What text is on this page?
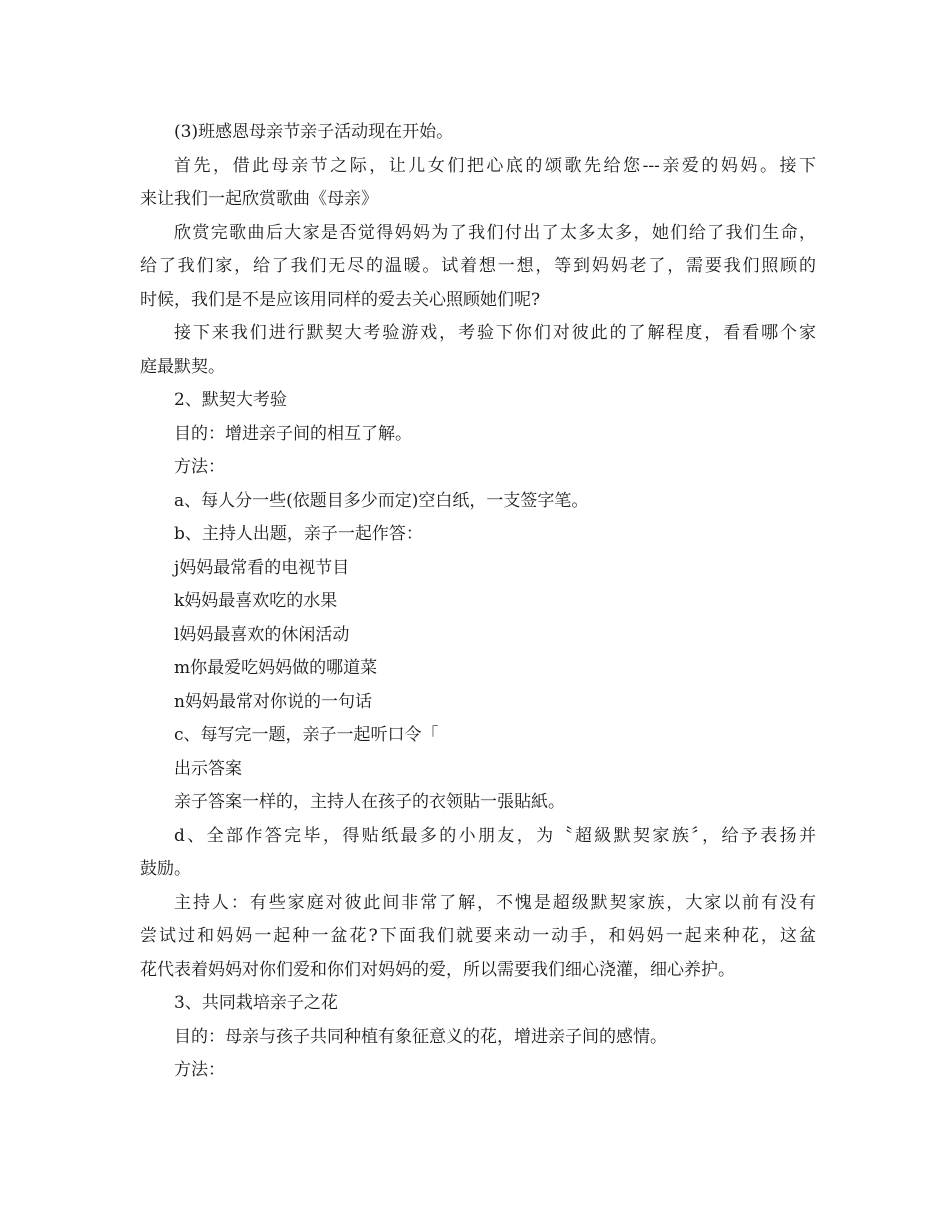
(3)班感恩母亲节亲子活动现在开始。
首先，借此母亲节之际，让儿女们把心底的颂歌先给您---亲爱的妈妈。接下
来让我们一起欣赏歌曲《母亲》
欣赏完歌曲后大家是否觉得妈妈为了我们付出了太多太多，她们给了我们生命，
给了我们家，给了我们无尽的温暖。试着想一想，等到妈妈老了，需要我们照顾的
时候，我们是不是应该用同样的爱去关心照顾她们呢?
接下来我们进行默契大考验游戏，考验下你们对彼此的了解程度，看看哪个家
庭最默契。
2、默契大考验
目的：增进亲子间的相互了解。
方法：
a、每人分一些(依题目多少而定)空白纸，一支签字笔。
b、主持人出题，亲子一起作答：
j妈妈最常看的电视节目
k妈妈最喜欢吃的水果
l妈妈最喜欢的休闲活动
m你最爱吃妈妈做的哪道菜
n妈妈最常对你说的一句话
c、每写完一题，亲子一起听口令「
出示答案
亲子答案一样的，主持人在孩子的衣领貼一張貼紙。
d、全部作答完毕，得贴纸最多的小朋友，为〝超級默契家族〞，给予表扬并
鼓励。
主持人：有些家庭对彼此间非常了解，不愧是超级默契家族，大家以前有没有
尝试过和妈妈一起种一盆花?下面我们就要来动一动手，和妈妈一起来种花，这盆
花代表着妈妈对你们爱和你们对妈妈的爱，所以需要我们细心浇灌，细心养护。
3、共同栽培亲子之花
目的：母亲与孩子共同种植有象征意义的花，增进亲子间的感情。
方法：
